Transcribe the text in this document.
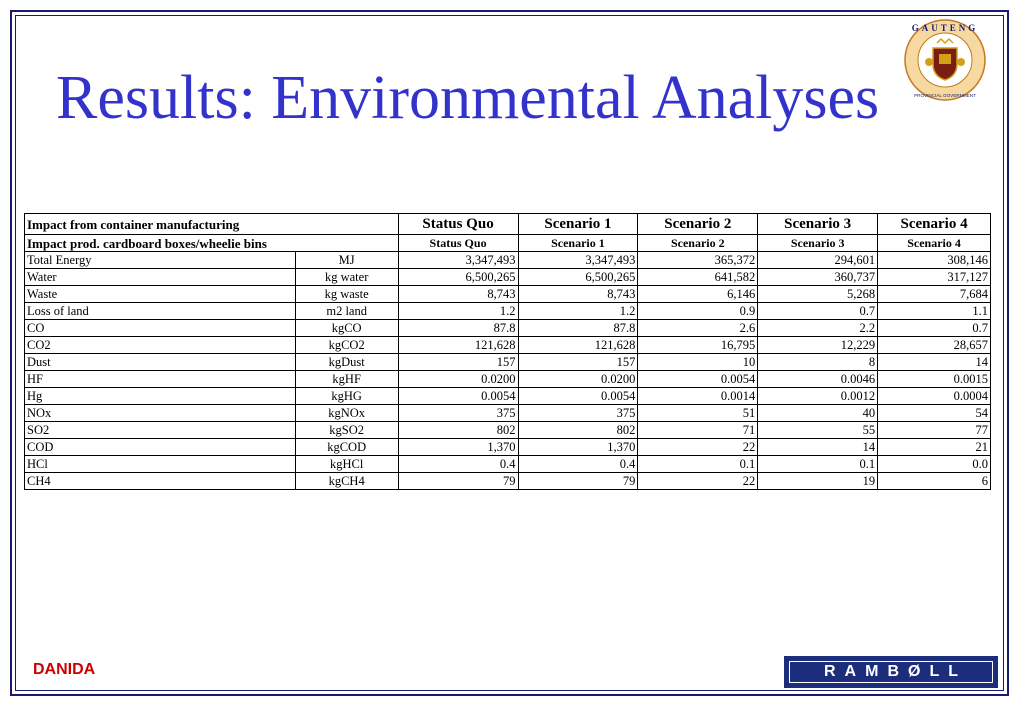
Results: Environmental Analyses
GAUTENG
PROVINCIAL GOVERNMENT
Impact from container manufacturing		Status Quo	Scenario 1	Scenario 2	Scenario 3	Scenario 4
Impact prod. cardboard boxes/wheelie bins		Status Quo	Scenario 1	Scenario 2	Scenario 3	Scenario 4
Total Energy	MJ	3,347,493	3,347,493	365,372	294,601	308,146
Water	kg water	6,500,265	6,500,265	641,582	360,737	317,127
Waste	kg waste	8,743	8,743	6,146	5,268	7,684
Loss of land	m2 land	1.2	1.2	0.9	0.7	1.1
CO	kgCO	87.8	87.8	2.6	2.2	0.7
CO2	kgCO2	121,628	121,628	16,795	12,229	28,657
Dust	kgDust	157	157	10	8	14
HF	kgHF	0.0200	0.0200	0.0054	0.0046	0.0015
Hg	kgHG	0.0054	0.0054	0.0014	0.0012	0.0004
NOx	kgNOx	375	375	51	40	54
SO2	kgSO2	802	802	71	55	77
COD	kgCOD	1,370	1,370	22	14	21
HCl	kgHCl	0.4	0.4	0.1	0.1	0.0
CH4	kgCH4	79	79	22	19	6
DANIDA	RAMBØLL
